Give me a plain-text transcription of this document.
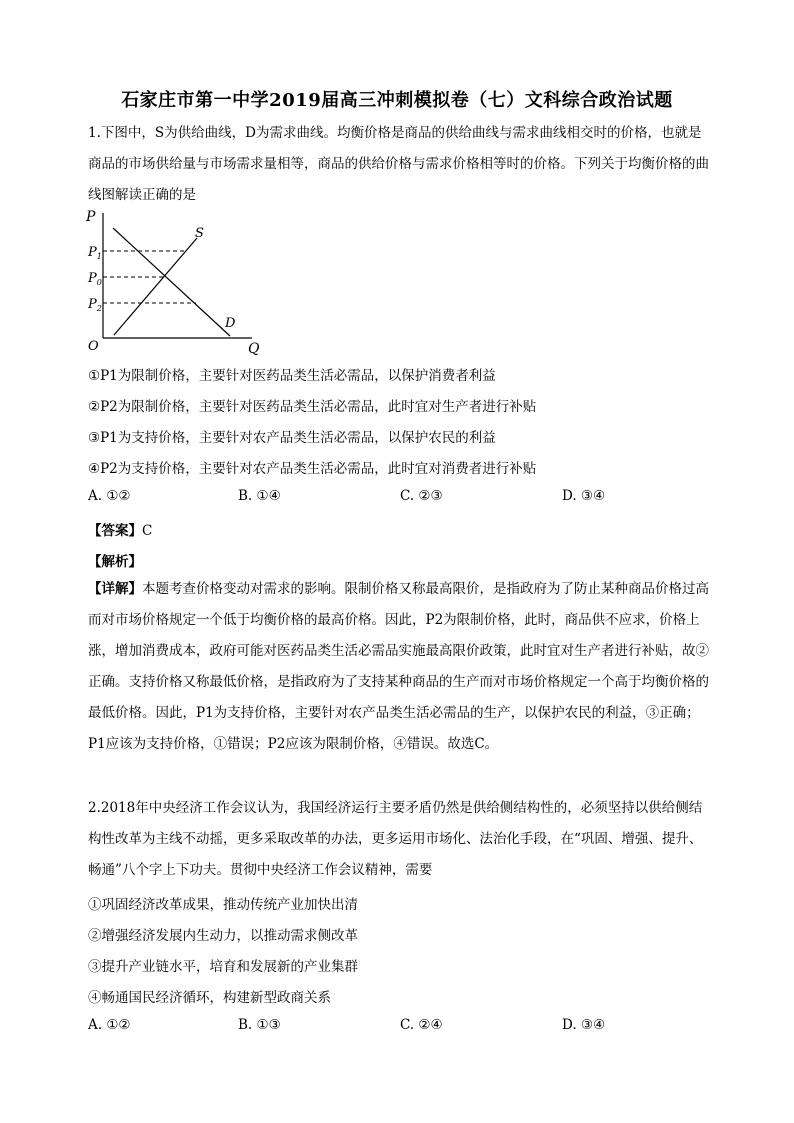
石家庄市第一中学2019届高三冲刺模拟卷（七）文科综合政治试题
1.下图中，S为供给曲线，D为需求曲线。均衡价格是商品的供给曲线与需求曲线相交时的价格，也就是商品的市场供给量与市场需求量相等，商品的供给价格与需求价格相等时的价格。下列关于均衡价格的曲线图解读正确的是
P
$P_1$
$P_0$
$P_2$
O	Q
S
D
①P1为限制价格，主要针对医药品类生活必需品，以保护消费者利益
②P2为限制价格，主要针对医药品类生活必需品，此时宜对生产者进行补贴
③P1为支持价格，主要针对农产品类生活必需品，以保护农民的利益
④P2为支持价格，主要针对农产品类生活必需品，此时宜对消费者进行补贴
A. ①②	B. ①④	C. ②③	D. ③④
【答案】C
【解析】
【详解】本题考查价格变动对需求的影响。限制价格又称最高限价，是指政府为了防止某种商品价格过高而对市场价格规定一个低于均衡价格的最高价格。因此，P2为限制价格，此时，商品供不应求，价格上涨，增加消费成本，政府可能对医药品类生活必需品实施最高限价政策，此时宜对生产者进行补贴，故②正确。支持价格又称最低价格，是指政府为了支持某种商品的生产而对市场价格规定一个高于均衡价格的最低价格。因此，P1为支持价格，主要针对农产品类生活必需品的生产，以保护农民的利益，③正确；P1应该为支持价格，①错误；P2应该为限制价格，④错误。故选C。
2.2018年中央经济工作会议认为，我国经济运行主要矛盾仍然是供给侧结构性的，必须坚持以供给侧结构性改革为主线不动摇，更多采取改革的办法，更多运用市场化、法治化手段，在“巩固、增强、提升、畅通”八个字上下功夫。贯彻中央经济工作会议精神，需要
①巩固经济改革成果，推动传统产业加快出清
②增强经济发展内生动力，以推动需求侧改革
③提升产业链水平，培育和发展新的产业集群
④畅通国民经济循环，构建新型政商关系
A. ①②	B. ①③	C. ②④	D. ③④
